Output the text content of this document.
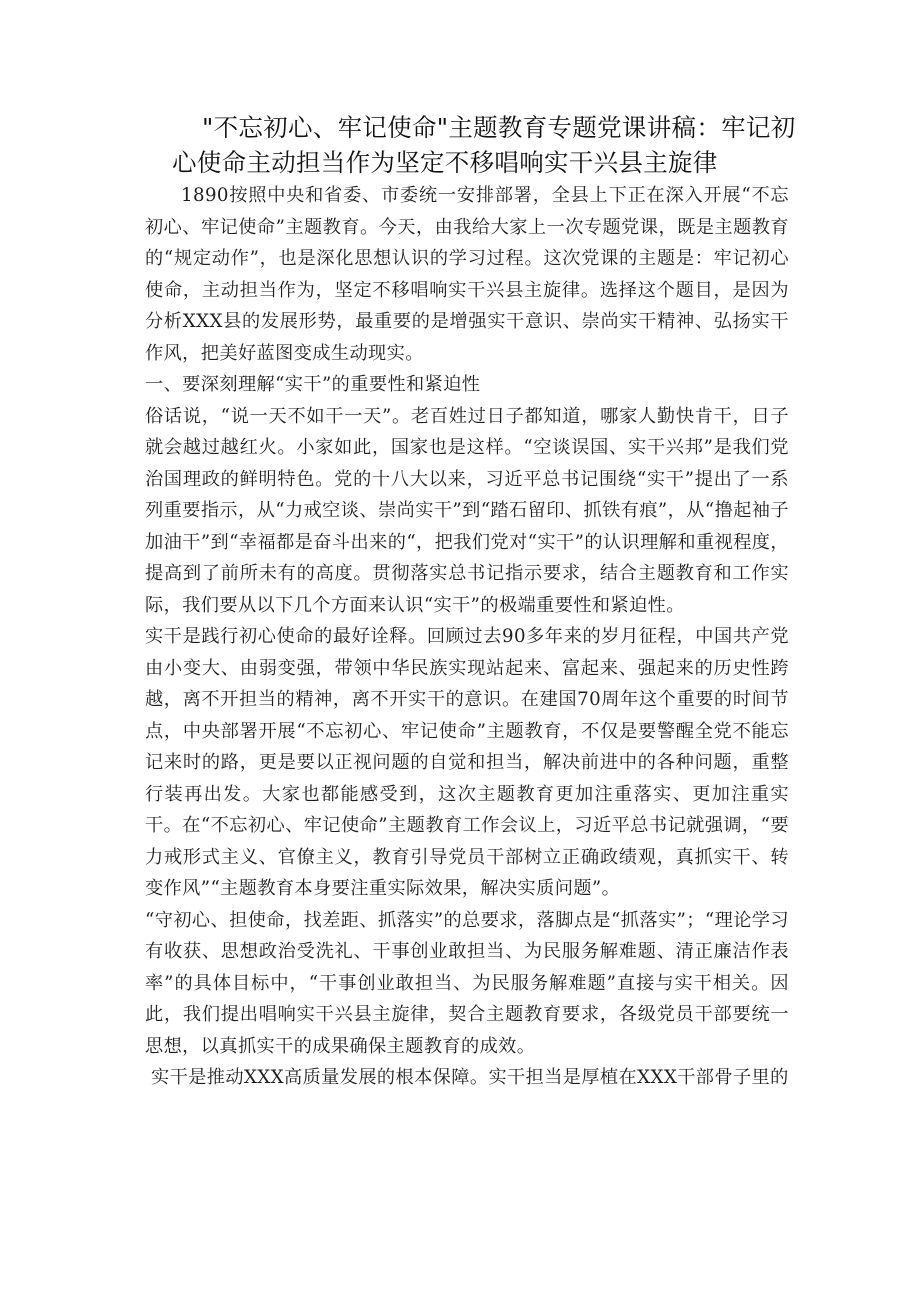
"不忘初心、牢记使命"主题教育专题党课讲稿：牢记初心使命主动担当作为坚定不移唱响实干兴县主旋律

1890按照中央和省委、市委统一安排部署，全县上下正在深入开展“不忘初心、牢记使命”主题教育。今天，由我给大家上一次专题党课，既是主题教育的“规定动作”，也是深化思想认识的学习过程。这次党课的主题是：牢记初心使命，主动担当作为，坚定不移唱响实干兴县主旋律。选择这个题目，是因为分析XXX县的发展形势，最重要的是增强实干意识、崇尚实干精神、弘扬实干作风，把美好蓝图变成生动现实。

一、要深刻理解“实干”的重要性和紧迫性

俗话说，“说一天不如干一天”。老百姓过日子都知道，哪家人勤快肯干，日子就会越过越红火。小家如此，国家也是这样。“空谈误国、实干兴邦”是我们党治国理政的鲜明特色。党的十八大以来，习近平总书记围绕“实干”提出了一系列重要指示，从“力戒空谈、崇尚实干”到“踏石留印、抓铁有痕”，从“撸起袖子加油干”到“幸福都是奋斗出来的“，把我们党对“实干”的认识理解和重视程度，提高到了前所未有的高度。贯彻落实总书记指示要求，结合主题教育和工作实际，我们要从以下几个方面来认识“实干”的极端重要性和紧迫性。

实干是践行初心使命的最好诠释。回顾过去90多年来的岁月征程，中国共产党由小变大、由弱变强，带领中华民族实现站起来、富起来、强起来的历史性跨越，离不开担当的精神，离不开实干的意识。在建国70周年这个重要的时间节点，中央部署开展“不忘初心、牢记使命”主题教育，不仅是要警醒全党不能忘记来时的路，更是要以正视问题的自觉和担当，解决前进中的各种问题，重整行装再出发。大家也都能感受到，这次主题教育更加注重落实、更加注重实干。在“不忘初心、牢记使命”主题教育工作会议上，习近平总书记就强调，“要力戒形式主义、官僚主义，教育引导党员干部树立正确政绩观，真抓实干、转变作风”“主题教育本身要注重实际效果，解决实质问题”。

“守初心、担使命，找差距、抓落实”的总要求，落脚点是“抓落实”；“理论学习有收获、思想政治受洗礼、干事创业敢担当、为民服务解难题、清正廉洁作表率”的具体目标中，“干事创业敢担当、为民服务解难题”直接与实干相关。因此，我们提出唱响实干兴县主旋律，契合主题教育要求，各级党员干部要统一思想，以真抓实干的成果确保主题教育的成效。

实干是推动XXX高质量发展的根本保障。实干担当是厚植在XXX干部骨子里的
